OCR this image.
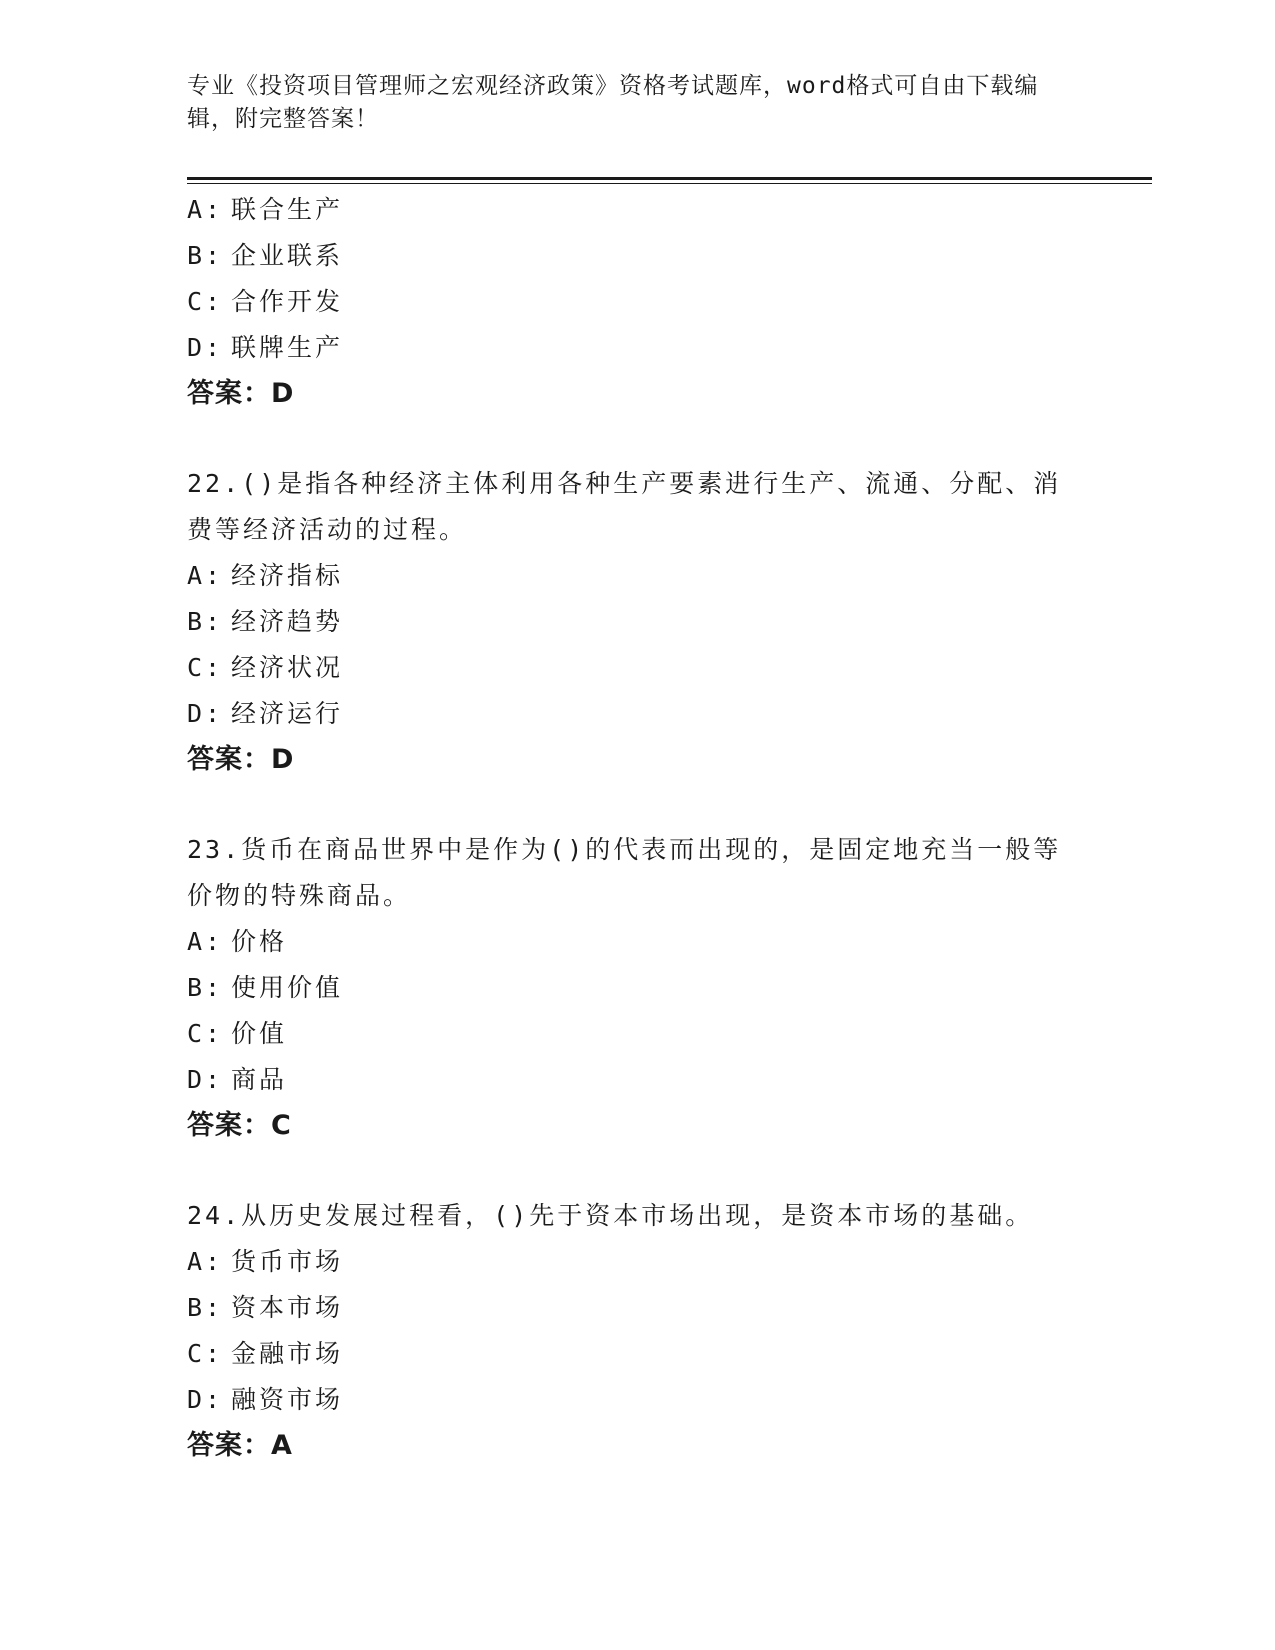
专业《投资项目管理师之宏观经济政策》资格考试题库，word格式可自由下载编
辑，附完整答案！
A: 联合生产
B: 企业联系
C: 合作开发
D: 联牌生产
答案：D
22.()是指各种经济主体利用各种生产要素进行生产、流通、分配、消
费等经济活动的过程。
A: 经济指标
B: 经济趋势
C: 经济状况
D: 经济运行
答案：D
23.货币在商品世界中是作为()的代表而出现的，是固定地充当一般等
价物的特殊商品。
A: 价格
B: 使用价值
C: 价值
D: 商品
答案：C
24.从历史发展过程看，()先于资本市场出现，是资本市场的基础。
A: 货币市场
B: 资本市场
C: 金融市场
D: 融资市场
答案：A
